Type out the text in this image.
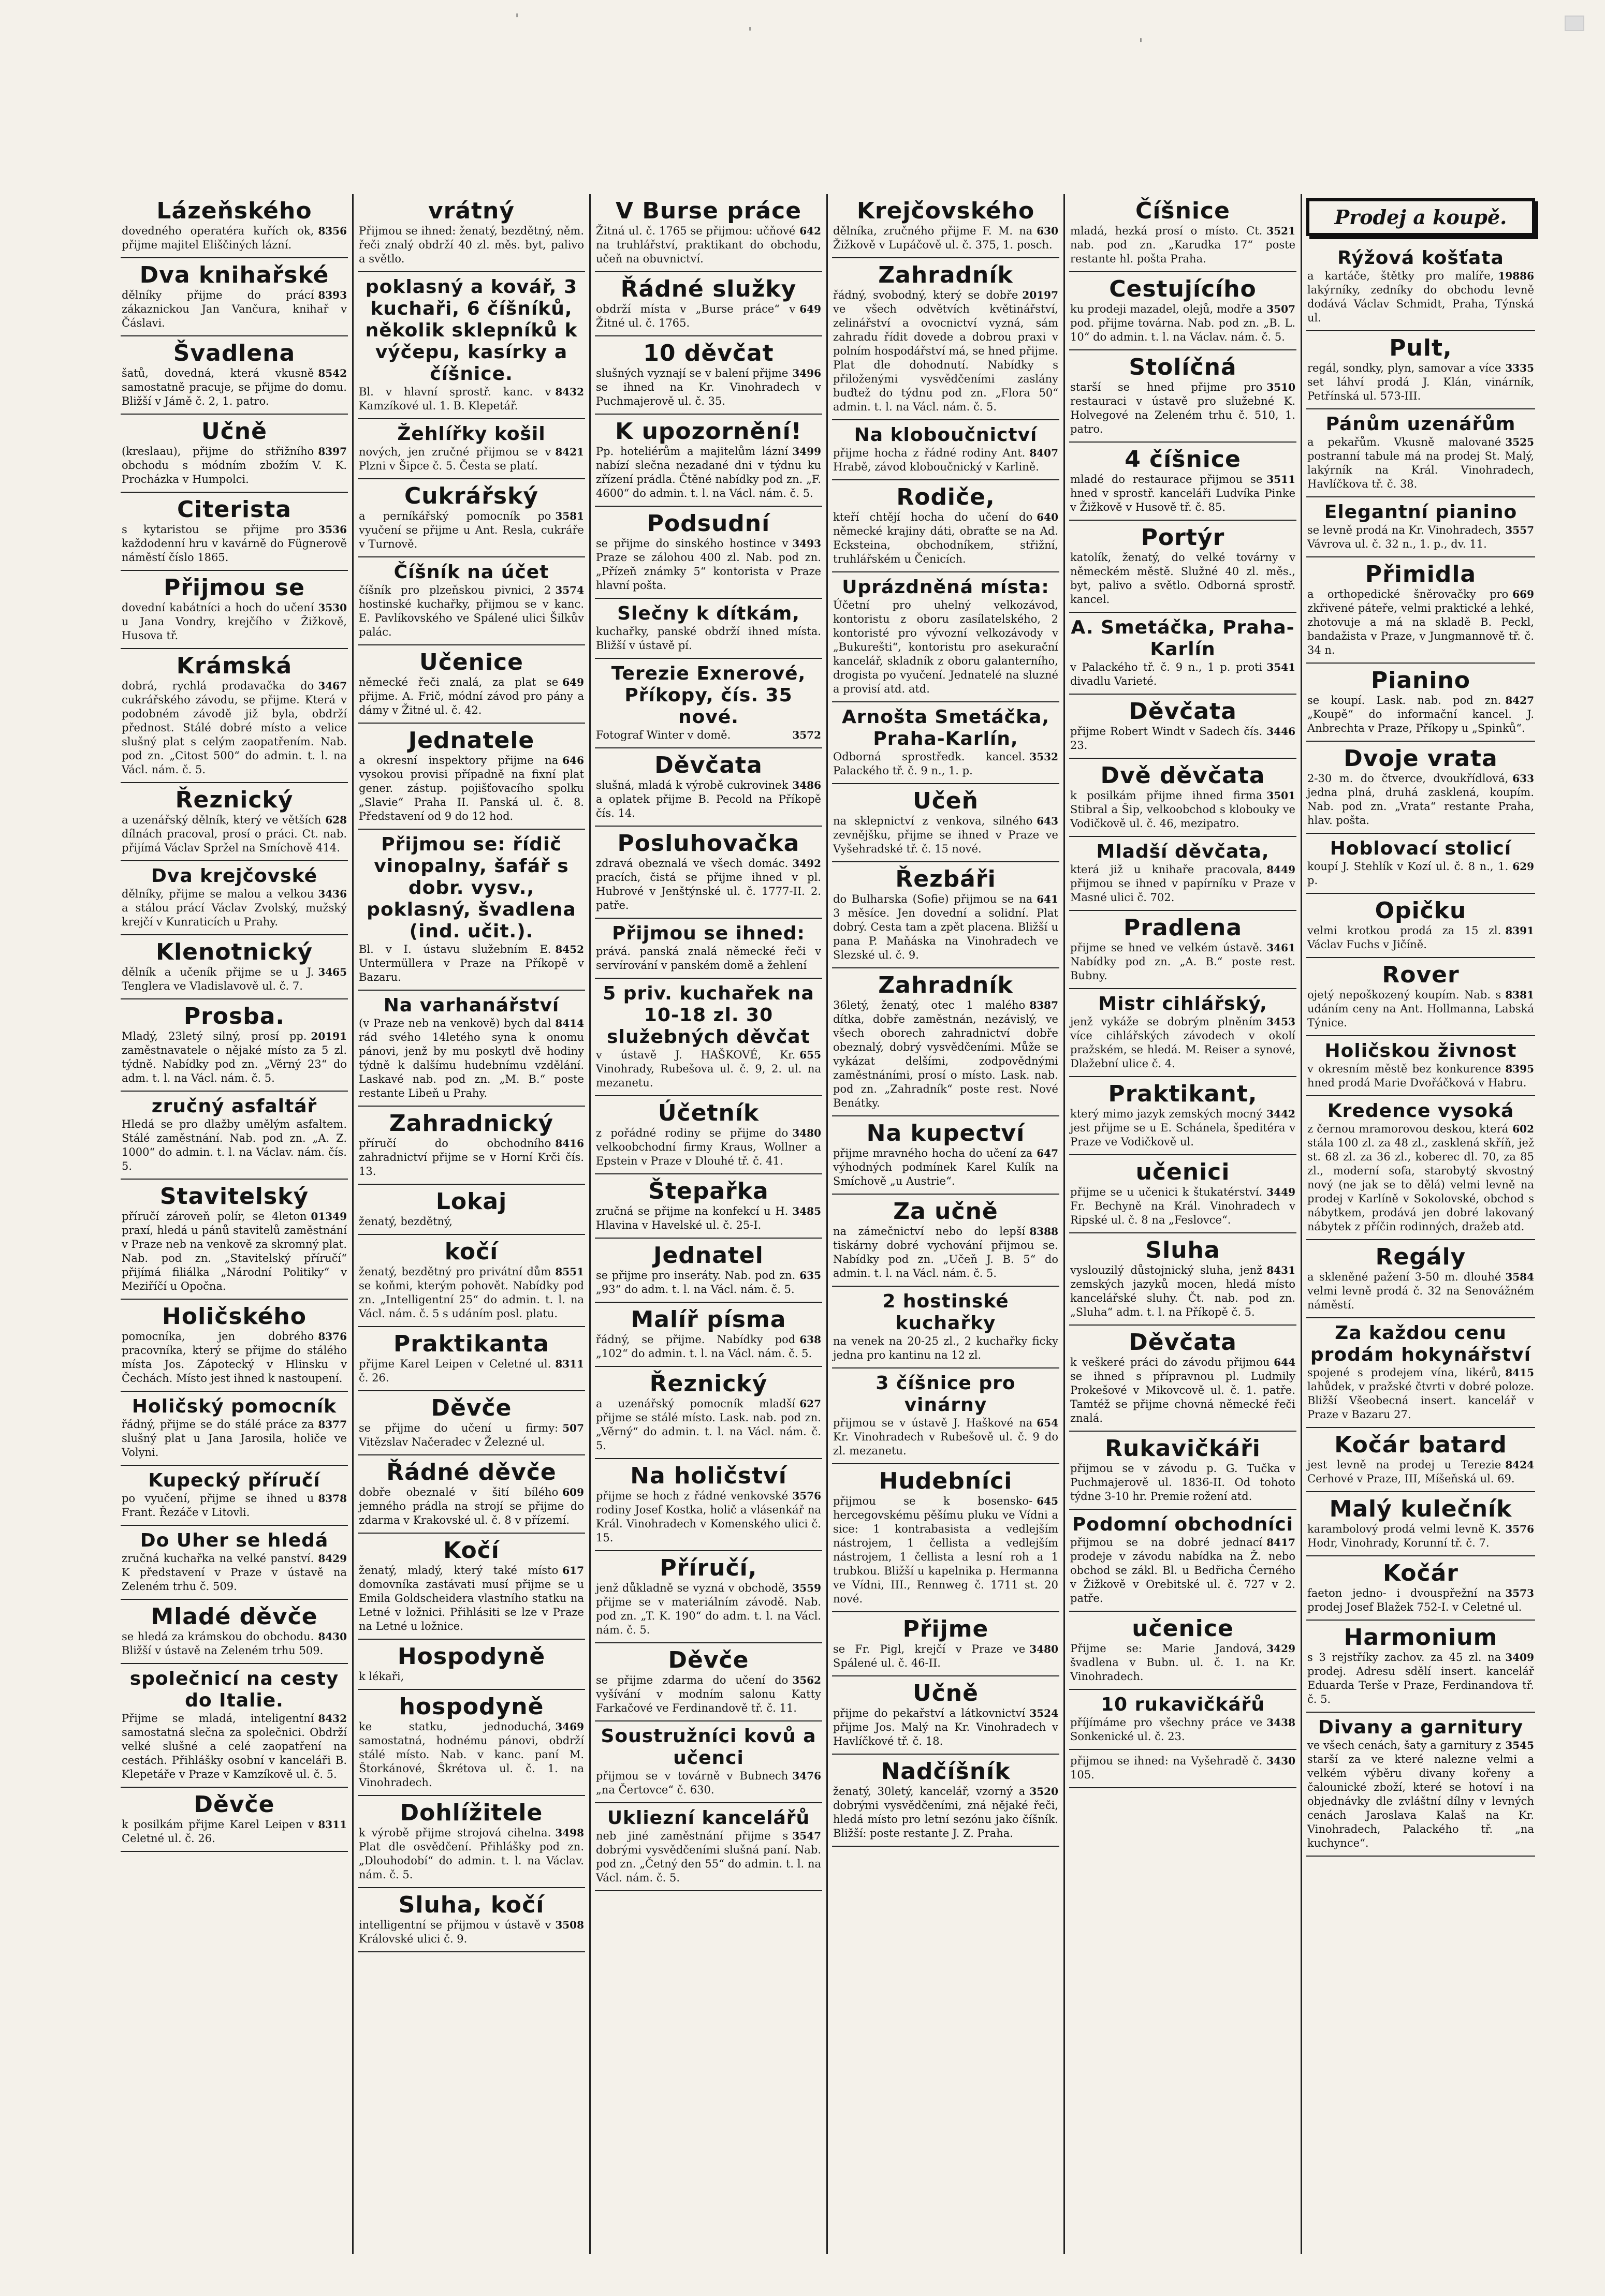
'
'
'
Lázeňského
8356
dovedného operatéra kuřích ok, přijme majitel Eliščiných lázní.
Dva knihařské
8393
dělníky přijme do prácí zákaznickou Jan Vančura, knihař v Čáslavi.
Švadlena
8542
šatů, dovedná, která vkusně samostatně pracuje, se přijme do domu. Bližší v Jámě č. 2, 1. patro.
Učně
8397
(kreslaau), přijme do střižního obchodu s módním zbožím V. K. Procházka v Humpolci.
Citerista
3536
s kytaristou se přijme pro každodenní hru v kavárně do Fügnerově náměstí číslo 1865.
Přijmou se
3530
dovední kabátníci a hoch do učení u Jana Vondry, krejčího v Žižkově, Husova tř.
Krámská
3467
dobrá, rychlá prodavačka do cukrářského závodu, se přijme. Která v podobném závodě již byla, obdrží přednost. Stálé dobré místo a velice slušný plat s celým zaopatřením. Nab. pod zn. „Citost 500“ do admin. t. l. na Václ. nám. č. 5.
Řeznický
628
a uzenářský dělník, který ve větších dílnách pracoval, prosí o práci. Ct. nab. přijímá Václav Spržel na Smíchově 414.
Dva krejčovské
3436
dělníky, přijme se malou a velkou a stálou prácí Václav Zvolský, mužský krejčí v Kunraticích u Prahy.
Klenotnický
3465
dělník a učeník přijme se u J. Tenglera ve Vladislavově ul. č. 7.
Prosba.
20191
Mladý, 23letý silný, prosí pp. zaměstnavatele o nějaké místo za 5 zl. týdně. Nabídky pod zn. „Věrný 23“ do adm. t. l. na Václ. nám. č. 5.
zručný asfaltář
Hledá se pro dlažby umělým asfaltem. Stálé zaměstnání. Nab. pod zn. „A. Z. 1000“ do admin. t. l. na Václav. nám. čís. 5.
Stavitelský
01349
příručí zároveň polír, se 4leton praxí, hledá u pánů stavitelů zaměstnání v Praze neb na venkově za skromný plat. Nab. pod zn. „Stavitelský příručí“ přijímá filiálka „Národní Politiky“ v Meziříčí u Opočna.
Holičského
8376
pomocníka, jen dobrého pracovníka, který se přijme do stálého místa Jos. Zápotecký v Hlinsku v Čechách. Místo jest ihned k nastoupení.
Holičský pomocník
8377
řádný, přijme se do stálé práce za slušný plat u Jana Jarosila, holiče ve Volyni.
Kupecký příručí
8378
po vyučení, přijme se ihned u Frant. Řezáče v Litovli.
Do Uher se hledá
8429
zručná kuchařka na velké panství. K představení v Praze v ústavě na Zeleném trhu č. 509.
Mladé děvče
8430
se hledá za krámskou do obchodu. Bližší v ústavě na Zeleném trhu 509.
společnicí na cesty do Italie.
8432
Přijme se mladá, inteligentní samostatná slečna za společnici. Obdrží velké slušné a celé zaopatření na cestách. Přihlášky osobní v kanceláři B. Klepetáře v Praze v Kamzíkově ul. č. 5.
Děvče
8311
k posilkám přijme Karel Leipen v Celetné ul. č. 26.
vrátný
Přijmou se ihned: ženatý, bezdětný, něm. řeči znalý obdrží 40 zl. měs. byt, palivo a světlo.
poklasný a kovář, 3 kuchaři, 6 číšníků, několik sklepníků k výčepu, kasírky a číšnice.
8432
Bl. v hlavní sprostř. kanc. v Kamzíkové ul. 1. B. Klepetář.
Žehlířky košil
8421
nových, jen zručné přijmou se v Plzni v Šipce č. 5. Česta se platí.
Cukrářský
3581
a perníkářský pomocník po vyučení se přijme u Ant. Resla, cukráře v Turnově.
Číšník na účet
3574
číšník pro plzeňskou pivnici, 2 hostinské kuchařky, přijmou se v kanc. E. Pavlíkovského ve Spálené ulici Šilkův palác.
Učenice
649
německé řeči znalá, za plat se přijme. A. Frič, módní závod pro pány a dámy v Žitné ul. č. 42.
Jednatele
646
a okresní inspektory přijme na vysokou provisi případně na fixní plat gener. zástup. pojišťovacího spolku „Slavie“ Praha II. Panská ul. č. 8. Představení od 9 do 12 hod.
Přijmou se: řídič vinopalny, šafář s dobr. vysv., poklasný, švadlena (ind. učit.).
8452
Bl. v I. ústavu služebním E. Untermüllera v Praze na Příkopě v Bazaru.
Na varhanářství
8414
(v Praze neb na venkově) bych dal rád svého 14letého syna k onomu pánovi, jenž by mu poskytl dvě hodiny týdně k dalšímu hudebnímu vzdělání. Laskavé nab. pod zn. „M. B.“ poste restante Libeň u Prahy.
Zahradnický
8416
příručí do obchodního zahradnictví přijme se v Horní Krči čís. 13.
Lokaj
ženatý, bezdětný,
kočí
8551
ženatý, bezdětný pro privátní dům se koňmi, kterým pohovět. Nabídky pod zn. „Intelligentní 25“ do admin. t. l. na Václ. nám. č. 5 s udáním posl. platu.
Praktikanta
8311
přijme Karel Leipen v Celetné ul. č. 26.
Děvče
507
se přijme do učení u firmy: Vitězslav Načeradec v Železné ul.
Řádné děvče
609
dobře obeznalé v šití bílého jemného prádla na strojí se přijme do zdarma v Krakovské ul. č. 8 v přízemí.
Kočí
617
ženatý, mladý, který také místo domovníka zastávati musí přijme se u Emila Goldscheidera vlastního statku na Letné v ložnici. Přihlásiti se lze v Praze na Letné u ložnice.
Hospodyně
k lékaři,
hospodyně
3469
ke statku, jednoduchá, samostatná, hodnému pánovi, obdrží stálé místo. Nab. v kanc. paní M. Štorkánové, Škrétova ul. č. 1. na Vinohradech.
Dohlížitele
3498
k výrobě přijme strojová cihelna. Plat dle osvědčení. Přihlášky pod zn. „Dlouhodobí“ do admin. t. l. na Václav. nám. č. 5.
Sluha, kočí
3508
intelligentní se přijmou v ústavě v Královské ulici č. 9.
V Burse práce
642
Žitná ul. č. 1765 se přijmou: učňové na truhlářství, praktikant do obchodu, učeň na obuvnictví.
Řádné služky
649
obdrží místa v „Burse práce“ v Žitné ul. č. 1765.
10 děvčat
3496
slušných vyznají se v balení přijme se ihned na Kr. Vinohradech v Puchmajerově ul. č. 35.
K upozornění!
3499
Pp. hoteliérům a majitelům lázní nabízí slečna nezadané dni v týdnu ku zřízení prádla. Čtěné nabídky pod zn. „F. 4600“ do admin. t. l. na Václ. nám. č. 5.
Podsudní
3493
se přijme do sinského hostince v Praze se zálohou 400 zl. Nab. pod zn. „Přízeň známky 5“ kontorista v Praze hlavní pošta.
Slečny k dítkám,
kuchařky, panské obdrží ihned místa. Bližší v ústavě pí.
Terezie Exnerové, Příkopy, čís. 35 nové.
3572
Fotograf Winter v domě.
Děvčata
3486
slušná, mladá k výrobě cukrovinek a oplatek přijme B. Pecold na Příkopě čís. 14.
Posluhovačka
3492
zdravá obeznalá ve všech domác. pracích, čistá se přijme ihned v pl. Hubrové v Jenštýnské ul. č. 1777-II. 2. patře.
Přijmou se ihned:
prává. panská znalá německé řeči v servírování v panském domě a žehlení
5 priv. kuchařek na 10-18 zl. 30 služebných děvčat
655
v ústavě J. HAŠKOVÉ, Kr. Vinohrady, Rubešova ul. č. 9, 2. ul. na mezanetu.
Účetník
3480
z pořádné rodiny se přijme do velkoobchodní firmy Kraus, Wollner a Epstein v Praze v Dlouhé tř. č. 41.
Štepařka
3485
zručná se přijme na konfekcí u H. Hlavina v Havelské ul. č. 25-I.
Jednatel
635
se přijme pro inseráty. Nab. pod zn. „93“ do adm. t. l. na Václ. nám. č. 5.
Malíř písma
638
řádný, se přijme. Nabídky pod „102“ do admin. t. l. na Václ. nám. č. 5.
Řeznický
627
a uzenářský pomocník mladší přijme se stálé místo. Lask. nab. pod zn. „Věrný“ do admin. t. l. na Václ. nám. č. 5.
Na holičství
3576
přijme se hoch z řádné venkovské rodiny Josef Kostka, holič a vlásenkář na Král. Vinohradech v Komenského ulici č. 15.
Příručí,
3559
jenž důkladně se vyzná v obchodě, přijme se v materiálním závodě. Nab. pod zn. „T. K. 190“ do adm. t. l. na Václ. nám. č. 5.
Děvče
3562
se přijme zdarma do učení do vyšívání v modním salonu Katty Farkačové ve Ferdinandově tř. č. 11.
Soustružníci kovů a učenci
3476
přijmou se v továrně v Bubnech „na Čertovce“ č. 630.
Ukliezní kancelářů
3547
neb jiné zaměstnání přijme s dobrými vysvědčeními slušná paní. Nab. pod zn. „Četný den 55“ do admin. t. l. na Václ. nám. č. 5.
Krejčovského
630
dělníka, zručného přijme F. M. na Žižkově v Lupáčově ul. č. 375, 1. posch.
Zahradník
20197
řádný, svobodný, který se dobře ve všech odvětvích květinářství, zelinářství a ovocnictví vyzná, sám zahradu řídit dovede a dobrou praxi v polním hospodářství má, se hned přijme. Plat dle dohodnutí. Nabídky s přiloženými vysvědčeními zaslány buďtež do týdnu pod zn. „Flora 50“ admin. t. l. na Václ. nám. č. 5.
Na kloboučnictví
8407
přijme hocha z řádné rodiny Ant. Hrabě, závod kloboučnický v Karlině.
Rodiče,
640
kteří chtějí hocha do učení do německé krajiny dáti, obraťte se na Ad. Ecksteina, obchodníkem, střižní, truhlářském u Čenicích.
Uprázdněná místa:
Účetní pro uhelný velkozávod, kontoristu z oboru zasílatelského, 2 kontoristé pro vývozní velkozávody v „Bukurešti“, kontoristu pro asekurační kancelář, skladník z oboru galanterního, drogista po vyučení. Jednatelé na sluzné a provisí atd. atd.
Arnošta Smetáčka, Praha-Karlín,
3532
Odborná sprostředk. kancel. Palackého tř. č. 9 n., 1. p.
Učeň
643
na sklepnictví z venkova, silného zevnějšku, přijme se ihned v Praze ve Vyšehradské tř. č. 15 nové.
Řezbáři
641
do Bulharska (Sofie) přijmou se na 3 měsíce. Jen dovední a solidní. Plat dobrý. Cesta tam a zpět placena. Bližší u pana P. Maňáska na Vinohradech ve Slezské ul. č. 9.
Zahradník
8387
36letý, ženatý, otec 1 malého dítka, dobře zaměstnán, nezávislý, ve všech oborech zahradnictví dobře obeznalý, dobrý vysvědčeními. Může se vykázat delšími, zodpovědnými zaměstnáními, prosí o místo. Lask. nab. pod zn. „Zahradník“ poste rest. Nové Benátky.
Na kupectví
647
přijme mravného hocha do učení za výhodných podmínek Karel Kulík na Smíchově „u Austrie“.
Za učně
8388
na zámečnictví nebo do lepší tiskárny dobré vychování přijmou se. Nabídky pod zn. „Učeň J. B. 5“ do admin. t. l. na Václ. nám. č. 5.
2 hostinské kuchařky
na venek na 20-25 zl., 2 kuchařky ficky jedna pro kantinu na 12 zl.
3 číšnice pro vinárny
654
přijmou se v ústavě J. Haškové na Kr. Vinohradech v Rubešově ul. č. 9 do zl. mezanetu.
Hudebníci
645
přijmou se k bosensko-hercegovskému pěšímu pluku ve Vídni a sice: 1 kontrabasista a vedlejším nástrojem, 1 čellista a vedlejším nástrojem, 1 čellista a lesní roh a 1 trubkou. Bližší u kapelnika p. Hermanna ve Vídni, III., Rennweg č. 1711 st. 20 nové.
Přijme
3480
se Fr. Pigl, krejčí v Praze ve Spálené ul. č. 46-II.
Učně
3524
přijme do pekařství a látkovnictví přijme Jos. Malý na Kr. Vinohradech v Havlíčkové tř. č. 18.
Nadčíšník
3520
ženatý, 30letý, kancelář, vzorný a dobrými vysvědčeními, zná nějaké řeči, hledá místo pro letní sezónu jako číšník. Bližší: poste restante J. Z. Praha.
Číšnice
3521
mladá, hezká prosí o místo. Ct. nab. pod zn. „Karudka 17“ poste restante hl. pošta Praha.
Cestujícího
3507
ku prodeji mazadel, olejů, modře a pod. přijme továrna. Nab. pod zn. „B. L. 10“ do admin. t. l. na Václav. nám. č. 5.
Stolíčná
3510
starší se hned přijme pro restauraci v ústavě pro služebné K. Holvegové na Zeleném trhu č. 510, 1. patro.
4 číšnice
3511
mladé do restaurace přijmou se hned v sprostř. kanceláři Ludvíka Pinke v Žižkově v Husově tř. č. 85.
Portýr
katolík, ženatý, do velké továrny v německém městě. Služné 40 zl. měs., byt, palivo a světlo. Odborná sprostř. kancel.
A. Smetáčka, Praha-Karlín
3541
v Palackého tř. č. 9 n., 1 p. proti divadlu Varieté.
Děvčata
3446
přijme Robert Windt v Sadech čís. 23.
Dvě děvčata
3501
k posilkám přijme ihned firma Stibral a Šip, velkoobchod s klobouky ve Vodičkově ul. č. 46, mezipatro.
Mladší děvčata,
8449
která již u knihaře pracovala, přijmou se ihned v papírníku v Praze v Masné ulici č. 702.
Pradlena
3461
přijme se hned ve velkém ústavě. Nabídky pod zn. „A. B.“ poste rest. Bubny.
Mistr cihlářský,
3453
jenž vykáže se dobrým plněním více cihlářských závodech v okolí pražském, se hledá. M. Reiser a synové, Dlažební ulice č. 4.
Praktikant,
3442
který mimo jazyk zemských mocný jest přijme se u E. Schánela, špeditéra v Praze ve Vodičkově ul.
učenici
3449
přijme se u učenici k štukatérství. Fr. Bechyně na Král. Vinohradech v Ripské ul. č. 8 na „Feslovce“.
Sluha
8431
vyslouzilý důstojnický sluha, jenž zemských jazyků mocen, hledá místo kancelářské sluhy. Čt. nab. pod zn. „Sluha“ adm. t. l. na Příkopě č. 5.
Děvčata
644
k veškeré práci do závodu přijmou se ihned s přípravnou pl. Ludmily Prokešové v Mikovcově ul. č. 1. patře. Tamtéž se přijme chovná německé řeči znalá.
Rukavičkáři
přijmou se v závodu p. G. Tučka v Puchmajerově ul. 1836-II. Od tohoto týdne 3-10 hr. Premie rožení atd.
Podomní obchodníci
8417
přijmou se na dobré jednací prodeje v závodu nabídka na Ž. nebo obchod se zákl. Bl. u Bedřicha Černého v Žižkově v Orebitské ul. č. 727 v 2. patře.
učenice
3429
Přijme se: Marie Jandová, švadlena v Bubn. ul. č. 1. na Kr. Vinohradech.
10 rukavičkářů
3438
příjímáme pro všechny práce ve Sonkenické ul. č. 23.
3430
přijmou se ihned: na Vyšehradě č. 105.
Prodej a koupě.
Rýžová košťata
19886
a kartáče, štětky pro malíře, lakýrníky, zedníky do obchodu levně dodává Václav Schmidt, Praha, Týnská ul.
Pult,
3335
regál, sondky, plyn, samovar a více set láhví prodá J. Klán, vinárník, Petřínská ul. 573-III.
Pánům uzenářům
3525
a pekařům. Vkusně malované postranní tabule má na prodej St. Malý, lakýrník na Král. Vinohradech, Havlíčkova tř. č. 38.
Elegantní pianino
3557
se levně prodá na Kr. Vinohradech, Vávrova ul. č. 32 n., 1. p., dv. 11.
Přimidla
669
a orthopedické šněrovačky pro zkřivené páteře, velmi praktické a lehké, zhotovuje a má na skladě B. Peckl, bandažista v Praze, v Jungmannově tř. č. 34 n.
Pianino
8427
se koupí. Lask. nab. pod zn. „Koupě“ do informační kancel. J. Anbrechta v Praze, Příkopy u „Spinků“.
Dvoje vrata
633
2-30 m. do čtverce, dvoukřídlová, jedna plná, druhá zasklená, koupím. Nab. pod zn. „Vrata“ restante Praha, hlav. pošta.
Hoblovací stolicí
629
koupí J. Stehlík v Kozí ul. č. 8 n., 1. p.
Opičku
8391
velmi krotkou prodá za 15 zl. Václav Fuchs v Jičíně.
Rover
8381
ojetý nepoškozený koupím. Nab. s udáním ceny na Ant. Hollmanna, Labská Týnice.
Holičskou živnost
8395
v okresním městě bez konkurence hned prodá Marie Dvořáčková v Habru.
Kredence vysoká
602
z černou mramorovou deskou, která stála 100 zl. za 48 zl., zasklená skříň, jež st. 68 zl. za 36 zl., koberec dl. 70, za 85 zl., moderní sofa, starobytý skvostný nový (ne jak se to dělá) velmi levně na prodej v Karlíně v Sokolovské, obchod s nábytkem, prodává jen dobré lakovaný nábytek z příčin rodinných, dražeb atd.
Regály
3584
a skleněné pažení 3-50 m. dlouhé velmi levně prodá č. 32 na Senovážném náměstí.
Za každou cenu prodám hokynářství
8415
spojené s prodejem vína, likérů, lahůdek, v pražské čtvrti v dobré poloze. Bližší Všeobecná insert. kancelář v Praze v Bazaru 27.
Kočár batard
8424
jest levně na prodej u Terezie Cerhové v Praze, III, Míšeňská ul. 69.
Malý kulečník
3576
karambolový prodá velmi levně K. Hodr, Vinohrady, Korunní tř. č. 7.
Kočár
3573
faeton jedno- i dvouspřežní na prodej Josef Blažek 752-I. v Celetné ul.
Harmonium
3409
s 3 rejstříky zachov. za 45 zl. na prodej. Adresu sdělí insert. kancelář Eduarda Terše v Praze, Ferdinandova tř. č. 5.
Divany a garnitury
3545
ve všech cenách, šaty a garnitury z starší za ve které nalezne velmi a velkém výběru divany kořeny a čalounické zboží, které se hotoví i na objednávky dle zvláštní dílny v levných cenách Jaroslava Kalaš na Kr. Vinohradech, Palackého tř. „na kuchynce“.
